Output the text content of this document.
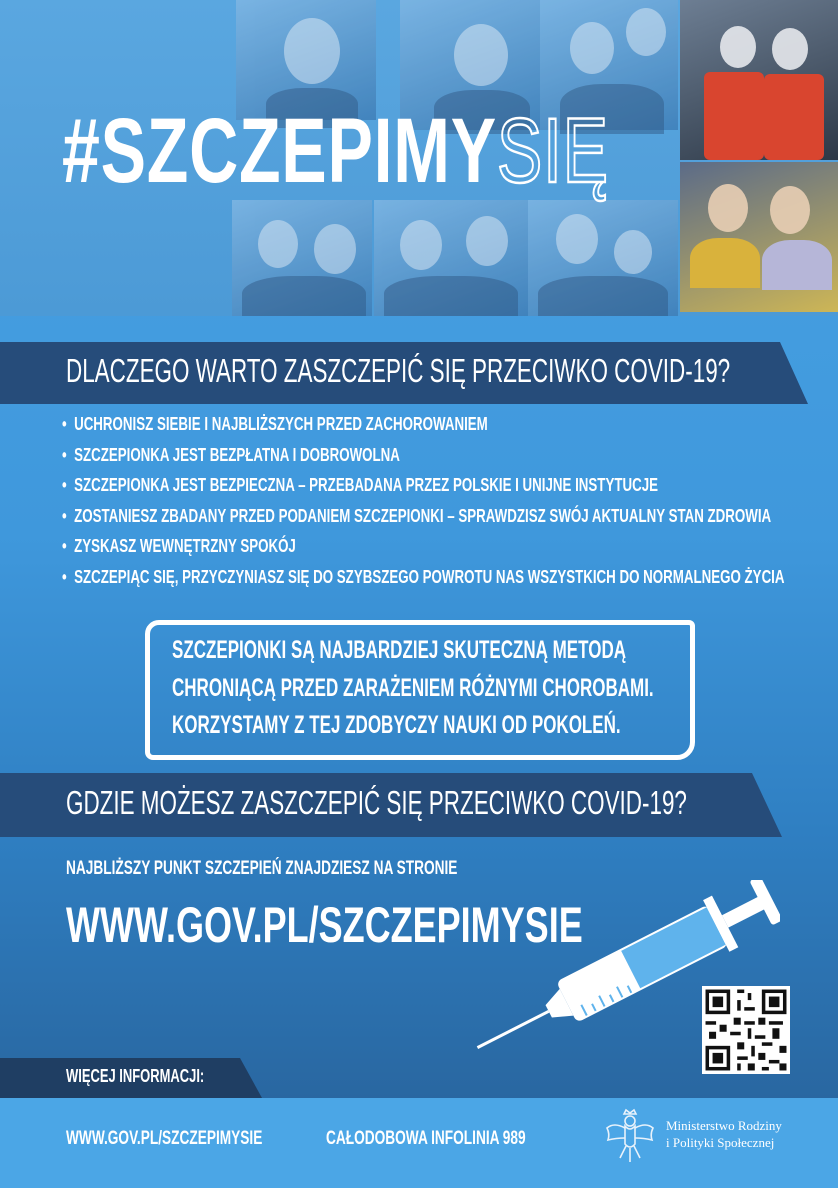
#SZCZEPIMYSIĘ
DLACZEGO WARTO ZASZCZEPIĆ SIĘ PRZECIWKO COVID-19?
• UCHRONISZ SIEBIE I NAJBLIŻSZYCH PRZED ZACHOROWANIEM
• SZCZEPIONKA JEST BEZPŁATNA I DOBROWOLNA
• SZCZEPIONKA JEST BEZPIECZNA – PRZEBADANA PRZEZ POLSKIE I UNIJNE INSTYTUCJE
• ZOSTANIESZ ZBADANY PRZED PODANIEM SZCZEPIONKI – SPRAWDZISZ SWÓJ AKTUALNY STAN ZDROWIA
• ZYSKASZ WEWNĘTRZNY SPOKÓJ
• SZCZEPIĄC SIĘ, PRZYCZYNIASZ SIĘ DO SZYBSZEGO POWROTU NAS WSZYSTKICH DO NORMALNEGO ŻYCIA
SZCZEPIONKI SĄ NAJBARDZIEJ SKUTECZNĄ METODĄ
CHRONIĄCĄ PRZED ZARAŻENIEM RÓŻNYMI CHOROBAMI.
KORZYSTAMY Z TEJ ZDOBYCZY NAUKI OD POKOLEŃ.
GDZIE MOŻESZ ZASZCZEPIĆ SIĘ PRZECIWKO COVID-19?
NAJBLIŻSZY PUNKT SZCZEPIEŃ ZNAJDZIESZ NA STRONIE
WWW.GOV.PL/SZCZEPIMYSIE
WIĘCEJ INFORMACJI:
WWW.GOV.PL/SZCZEPIMYSIE	CAŁODOBOWA INFOLINIA 989
Ministerstwo Rodziny
i Polityki Społecznej
